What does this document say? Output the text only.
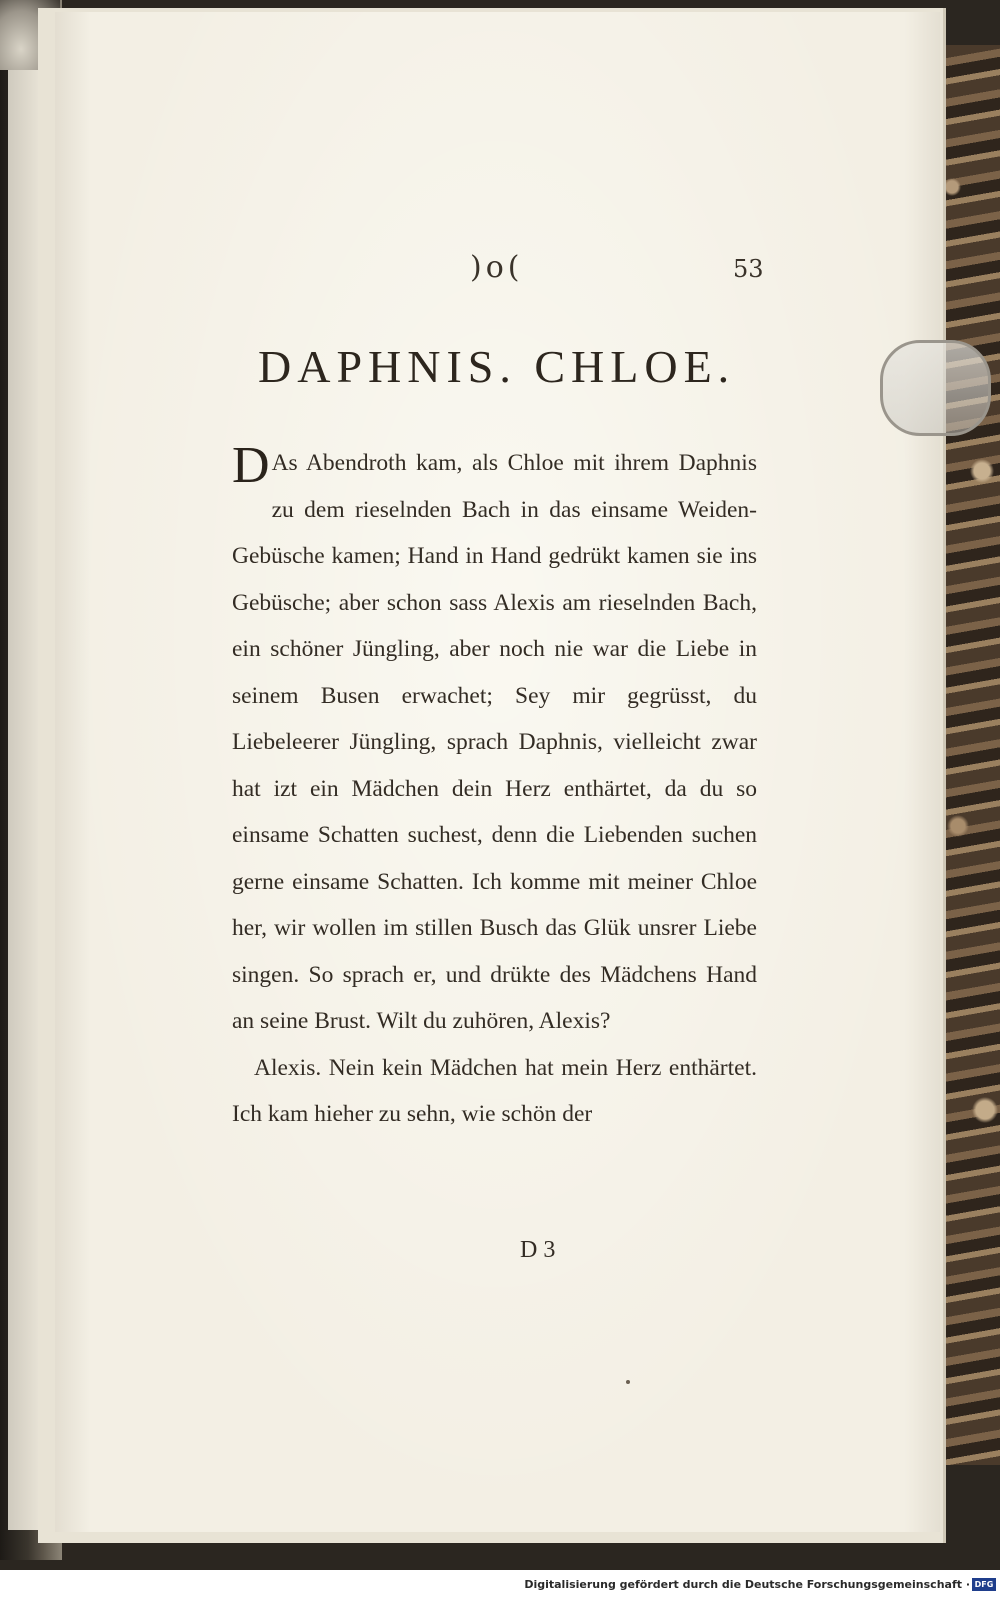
)o(	53
DAPHNIS. CHLOE.

D As Abendroth kam, als Chloe mit ihrem Daphnis zu dem rieselnden Bach in das einsame Weiden-Gebüsche kamen; Hand in Hand gedrükt kamen sie ins Gebüsche; aber schon sass Alexis am rieselnden Bach, ein schöner Jüngling, aber noch nie war die Liebe in seinem Busen erwachet; Sey mir gegrüsst, du Liebeleerer Jüngling, sprach Daphnis, vielleicht zwar hat izt ein Mädchen dein Herz enthärtet, da du so einsame Schatten suchest, denn die Liebenden suchen gerne einsame Schatten. Ich komme mit meiner Chloe her, wir wollen im stillen Busch das Glük unsrer Liebe singen. So sprach er, und drükte des Mädchens Hand an seine Brust. Wilt du zuhören, Alexis?

Alexis. Nein kein Mädchen hat mein Herz enthärtet. Ich kam hieher zu sehn, wie schön der

D 3
Digitalisierung gefördert durch die Deutsche Forschungsgemeinschaft · DFG
